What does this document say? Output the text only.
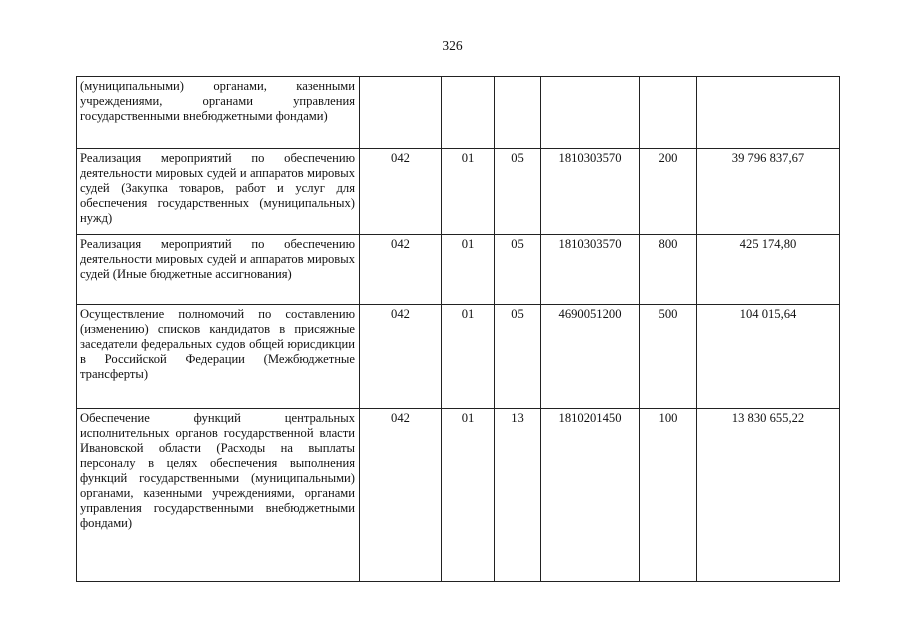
326
(муниципальными) органами, казенными учреждениями, органами управления государственными внебюджетными фондами)						
Реализация мероприятий по обеспечению деятельности мировых судей и аппаратов мировых судей (Закупка товаров, работ и услуг для обеспечения государственных (муниципальных) нужд)	042	01	05	1810303570	200	39 796 837,67
Реализация мероприятий по обеспечению деятельности мировых судей и аппаратов мировых судей (Иные бюджетные ассигнования)	042	01	05	1810303570	800	425 174,80
Осуществление полномочий по составлению (изменению) списков кандидатов в присяжные заседатели федеральных судов общей юрисдикции в Российской Федерации (Межбюджетные трансферты)	042	01	05	4690051200	500	104 015,64
Обеспечение функций центральных исполнительных органов государственной власти Ивановской области (Расходы на выплаты персоналу в целях обеспечения выполнения функций государственными (муниципальными) органами, казенными учреждениями, органами управления государственными внебюджетными фондами)	042	01	13	1810201450	100	13 830 655,22
